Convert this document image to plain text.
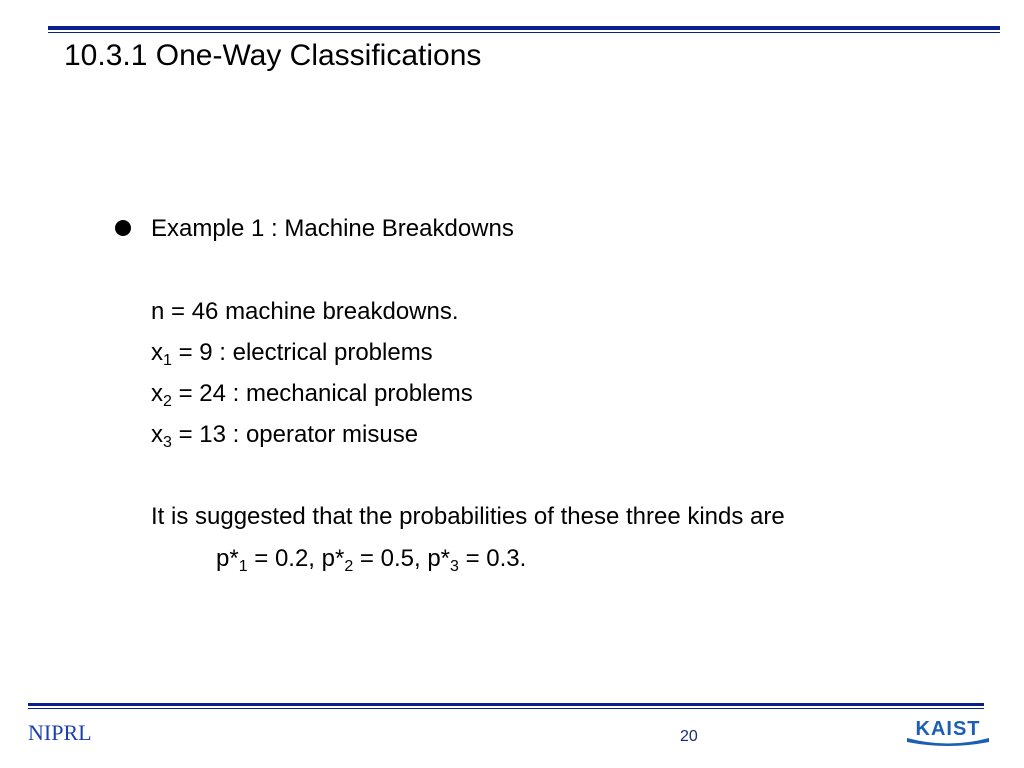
10.3.1 One-Way Classifications
Example 1 : Machine Breakdowns
n = 46 machine breakdowns.
$x_1 = 9$ : electrical problems
$x_2 = 24$ : mechanical problems
$x_3 = 13$ : operator misuse
It is suggested that the probabilities of these three kinds are
$p*_1 = 0.2$, $p*_2 = 0.5$, $p*_3 = 0.3$.
NIPRL	20	KAIST
